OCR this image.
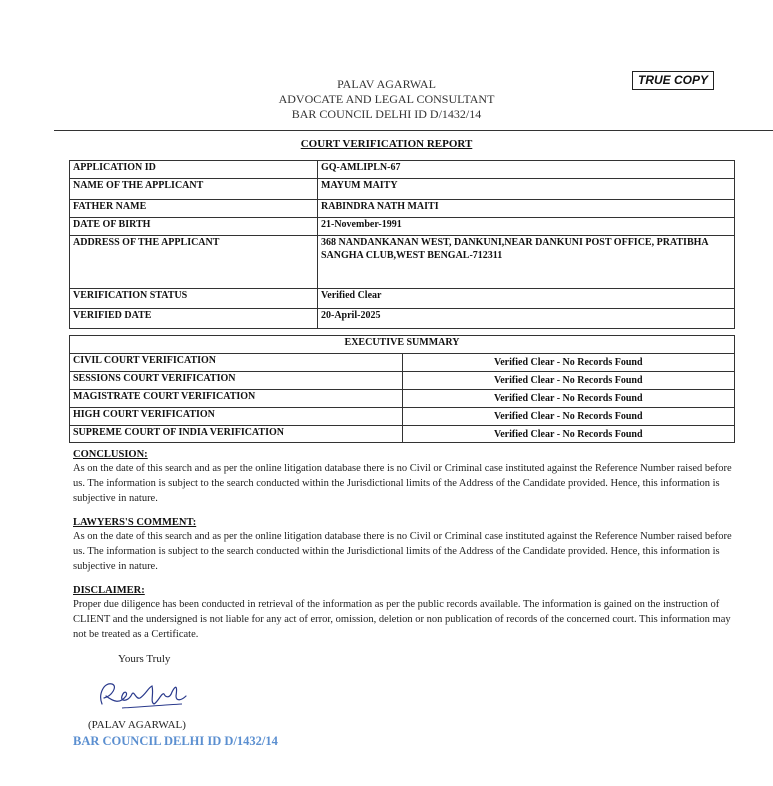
TRUE COPY
PALAV AGARWAL
ADVOCATE AND LEGAL CONSULTANT
BAR COUNCIL DELHI ID D/1432/14
COURT VERIFICATION REPORT
APPLICATION ID	GQ-AMLIPLN-67
NAME OF THE APPLICANT	MAYUM MAITY
FATHER NAME	RABINDRA NATH MAITI
DATE OF BIRTH	21-November-1991
ADDRESS OF THE APPLICANT	368 NANDANKANAN WEST, DANKUNI,NEAR DANKUNI POST OFFICE, PRATIBHA SANGHA CLUB,WEST BENGAL-712311
VERIFICATION STATUS	Verified Clear
VERIFIED DATE	20-April-2025
EXECUTIVE SUMMARY	
CIVIL COURT VERIFICATION	Verified Clear - No Records Found
SESSIONS COURT VERIFICATION	Verified Clear - No Records Found
MAGISTRATE COURT VERIFICATION	Verified Clear - No Records Found
HIGH COURT VERIFICATION	Verified Clear - No Records Found
SUPREME COURT OF INDIA VERIFICATION	Verified Clear - No Records Found
CONCLUSION:
As on the date of this search and as per the online litigation database there is no Civil or Criminal case instituted against the Reference Number raised before us. The information is subject to the search conducted within the Jurisdictional limits of the Address of the Candidate provided. Hence, this information is subjective in nature.
LAWYERS'S COMMENT:
As on the date of this search and as per the online litigation database there is no Civil or Criminal case instituted against the Reference Number raised before us. The information is subject to the search conducted within the Jurisdictional limits of the Address of the Candidate provided. Hence, this information is subjective in nature.
DISCLAIMER:
Proper due diligence has been conducted in retrieval of the information as per the public records available. The information is gained on the instruction of CLIENT and the undersigned is not liable for any act of error, omission, deletion or non publication of records of the concerned court. This information may not be treated as a Certificate.
Yours Truly
(PALAV AGARWAL)
BAR COUNCIL DELHI ID D/1432/14
